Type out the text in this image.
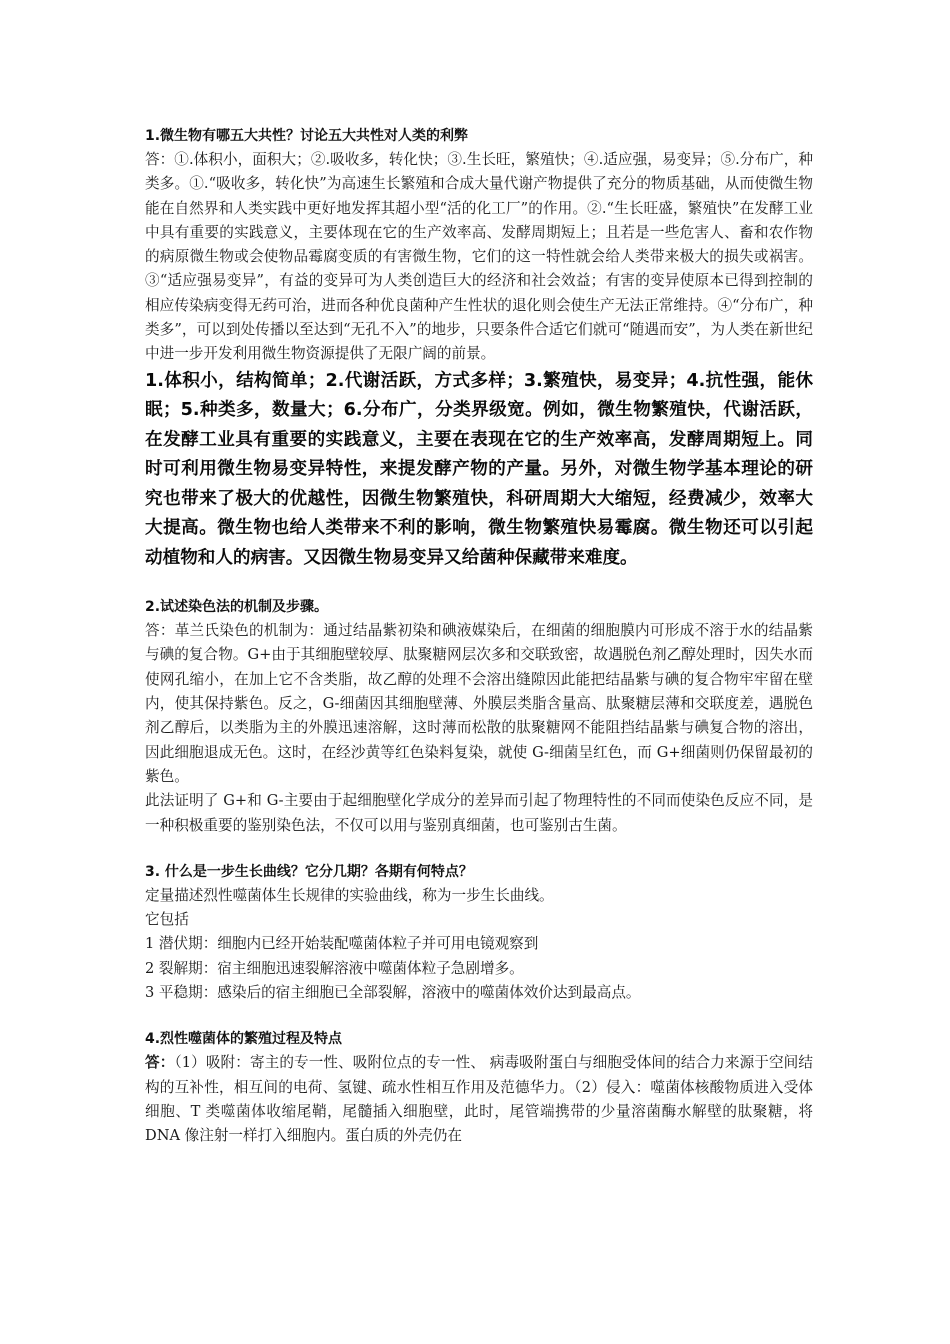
1.微生物有哪五大共性？讨论五大共性对人类的利弊

答：①.体积小，面积大；②.吸收多，转化快；③.生长旺，繁殖快；④.适应强，易变异；⑤.分布广，种类多。①.“吸收多，转化快”为高速生长繁殖和合成大量代谢产物提供了充分的物质基础，从而使微生物能在自然界和人类实践中更好地发挥其超小型“活的化工厂”的作用。②.“生长旺盛，繁殖快”在发酵工业中具有重要的实践意义，主要体现在它的生产效率高、发酵周期短上；且若是一些危害人、畜和农作物的病原微生物或会使物品霉腐变质的有害微生物，它们的这一特性就会给人类带来极大的损失或祸害。③“适应强易变异”，有益的变异可为人类创造巨大的经济和社会效益；有害的变异使原本已得到控制的相应传染病变得无药可治，进而各种优良菌种产生性状的退化则会使生产无法正常维持。④“分布广，种类多”，可以到处传播以至达到“无孔不入”的地步，只要条件合适它们就可“随遇而安”，为人类在新世纪中进一步开发利用微生物资源提供了无限广阔的前景。

1.体积小，结构简单；2.代谢活跃，方式多样；3.繁殖快，易变异；4.抗性强，能休眠；5.种类多，数量大；6.分布广，分类界级宽。例如，微生物繁殖快，代谢活跃，在发酵工业具有重要的实践意义，主要在表现在它的生产效率高，发酵周期短上。同时可利用微生物易变异特性，来提发酵产物的产量。另外，对微生物学基本理论的研究也带来了极大的优越性，因微生物繁殖快，科研周期大大缩短，经费减少，效率大大提高。微生物也给人类带来不利的影响，微生物繁殖快易霉腐。微生物还可以引起动植物和人的病害。又因微生物易变异又给菌种保藏带来难度。

2.试述染色法的机制及步骤。

答：革兰氏染色的机制为：通过结晶紫初染和碘液媒染后，在细菌的细胞膜内可形成不溶于水的结晶紫与碘的复合物。G+由于其细胞壁较厚、肽聚糖网层次多和交联致密，故遇脱色剂乙醇处理时，因失水而使网孔缩小，在加上它不含类脂，故乙醇的处理不会溶出缝隙因此能把结晶紫与碘的复合物牢牢留在壁内，使其保持紫色。反之，G-细菌因其细胞壁薄、外膜层类脂含量高、肽聚糖层薄和交联度差，遇脱色剂乙醇后，以类脂为主的外膜迅速溶解，这时薄而松散的肽聚糖网不能阻挡结晶紫与碘复合物的溶出，因此细胞退成无色。这时，在经沙黄等红色染料复染，就使 G-细菌呈红色，而 G+细菌则仍保留最初的紫色。

此法证明了 G+和 G-主要由于起细胞壁化学成分的差异而引起了物理特性的不同而使染色反应不同，是一种积极重要的鉴别染色法，不仅可以用与鉴别真细菌，也可鉴别古生菌。

3. 什么是一步生长曲线？它分几期？各期有何特点？

定量描述烈性噬菌体生长规律的实验曲线，称为一步生长曲线。

它包括

1 潜伏期：细胞内已经开始装配噬菌体粒子并可用电镜观察到

2 裂解期：宿主细胞迅速裂解溶液中噬菌体粒子急剧增多。

3 平稳期：感染后的宿主细胞已全部裂解，溶液中的噬菌体效价达到最高点。

4.烈性噬菌体的繁殖过程及特点

答：（1）吸附：寄主的专一性、吸附位点的专一性、 病毒吸附蛋白与细胞受体间的结合力来源于空间结构的互补性，相互间的电荷、氢键、疏水性相互作用及范德华力。（2）侵入：噬菌体核酸物质进入受体细胞、T 类噬菌体收缩尾鞘，尾髓插入细胞壁，此时，尾管端携带的少量溶菌酶水解壁的肽聚糖，将 DNA 像注射一样打入细胞内。蛋白质的外壳仍在
